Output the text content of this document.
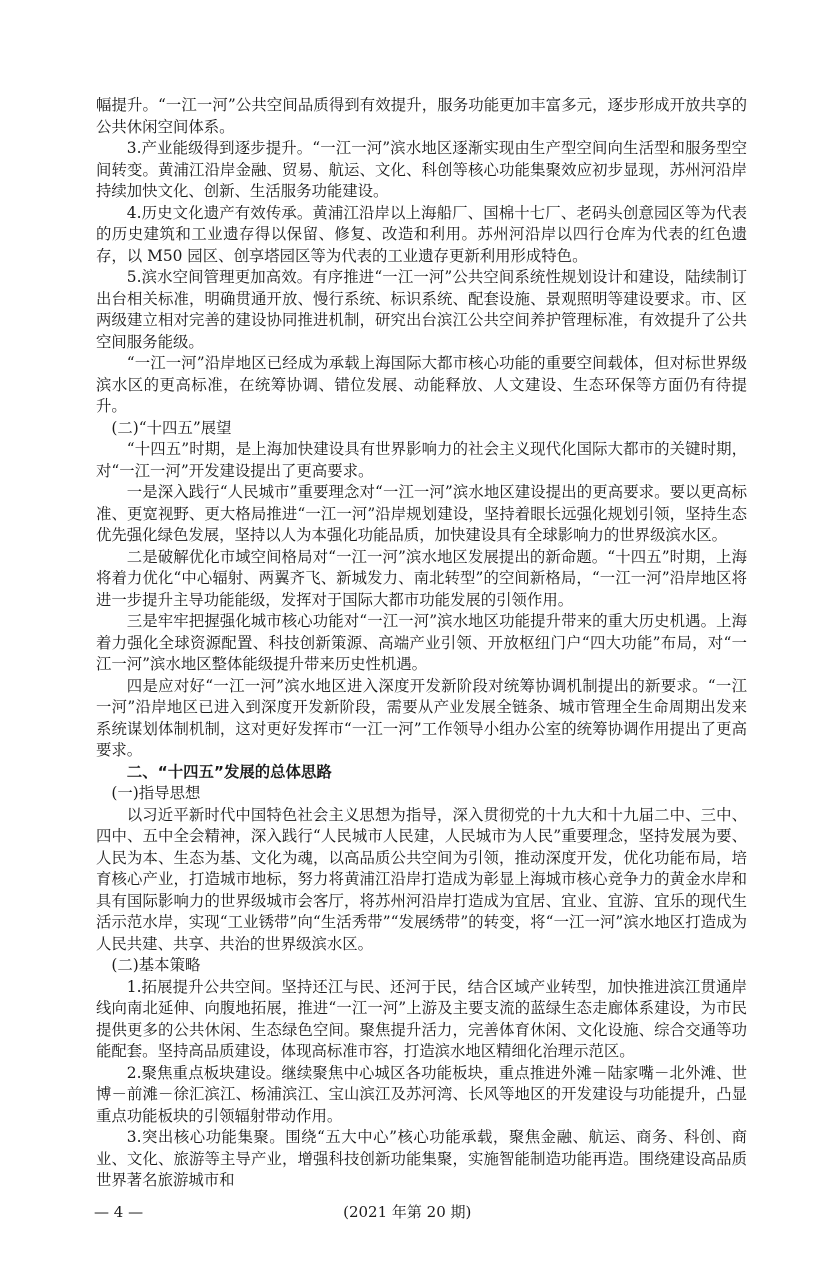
幅提升。“一江一河”公共空间品质得到有效提升，服务功能更加丰富多元，逐步形成开放共享的公共休闲空间体系。

3.产业能级得到逐步提升。“一江一河”滨水地区逐渐实现由生产型空间向生活型和服务型空间转变。黄浦江沿岸金融、贸易、航运、文化、科创等核心功能集聚效应初步显现，苏州河沿岸持续加快文化、创新、生活服务功能建设。

4.历史文化遗产有效传承。黄浦江沿岸以上海船厂、国棉十七厂、老码头创意园区等为代表的历史建筑和工业遗存得以保留、修复、改造和利用。苏州河沿岸以四行仓库为代表的红色遗存，以 M50 园区、创享塔园区等为代表的工业遗存更新利用形成特色。

5.滨水空间管理更加高效。有序推进“一江一河”公共空间系统性规划设计和建设，陆续制订出台相关标准，明确贯通开放、慢行系统、标识系统、配套设施、景观照明等建设要求。市、区两级建立相对完善的建设协同推进机制，研究出台滨江公共空间养护管理标准，有效提升了公共空间服务能级。

“一江一河”沿岸地区已经成为承载上海国际大都市核心功能的重要空间载体，但对标世界级滨水区的更高标准，在统筹协调、错位发展、动能释放、人文建设、生态环保等方面仍有待提升。

(二)“十四五”展望

“十四五”时期，是上海加快建设具有世界影响力的社会主义现代化国际大都市的关键时期，对“一江一河”开发建设提出了更高要求。

一是深入践行“人民城市”重要理念对“一江一河”滨水地区建设提出的更高要求。要以更高标准、更宽视野、更大格局推进“一江一河”沿岸规划建设，坚持着眼长远强化规划引领，坚持生态优先强化绿色发展，坚持以人为本强化功能品质，加快建设具有全球影响力的世界级滨水区。

二是破解优化市域空间格局对“一江一河”滨水地区发展提出的新命题。“十四五”时期，上海将着力优化“中心辐射、两翼齐飞、新城发力、南北转型”的空间新格局，“一江一河”沿岸地区将进一步提升主导功能能级，发挥对于国际大都市功能发展的引领作用。

三是牢牢把握强化城市核心功能对“一江一河”滨水地区功能提升带来的重大历史机遇。上海着力强化全球资源配置、科技创新策源、高端产业引领、开放枢纽门户“四大功能”布局，对“一江一河”滨水地区整体能级提升带来历史性机遇。

四是应对好“一江一河”滨水地区进入深度开发新阶段对统筹协调机制提出的新要求。“一江一河”沿岸地区已进入到深度开发新阶段，需要从产业发展全链条、城市管理全生命周期出发来系统谋划体制机制，这对更好发挥市“一江一河”工作领导小组办公室的统筹协调作用提出了更高要求。

二、“十四五”发展的总体思路

(一)指导思想

以习近平新时代中国特色社会主义思想为指导，深入贯彻党的十九大和十九届二中、三中、四中、五中全会精神，深入践行“人民城市人民建，人民城市为人民”重要理念，坚持发展为要、人民为本、生态为基、文化为魂，以高品质公共空间为引领，推动深度开发，优化功能布局，培育核心产业，打造城市地标，努力将黄浦江沿岸打造成为彰显上海城市核心竞争力的黄金水岸和具有国际影响力的世界级城市会客厅，将苏州河沿岸打造成为宜居、宜业、宜游、宜乐的现代生活示范水岸，实现“工业锈带”向“生活秀带”“发展绣带”的转变，将“一江一河”滨水地区打造成为人民共建、共享、共治的世界级滨水区。

(二)基本策略

1.拓展提升公共空间。坚持还江与民、还河于民，结合区域产业转型，加快推进滨江贯通岸线向南北延伸、向腹地拓展，推进“一江一河”上游及主要支流的蓝绿生态走廊体系建设，为市民提供更多的公共休闲、生态绿色空间。聚焦提升活力，完善体育休闲、文化设施、综合交通等功能配套。坚持高品质建设，体现高标准市容，打造滨水地区精细化治理示范区。

2.聚焦重点板块建设。继续聚焦中心城区各功能板块，重点推进外滩－陆家嘴－北外滩、世博－前滩－徐汇滨江、杨浦滨江、宝山滨江及苏河湾、长风等地区的开发建设与功能提升，凸显重点功能板块的引领辐射带动作用。

3.突出核心功能集聚。围绕“五大中心”核心功能承载，聚焦金融、航运、商务、科创、商业、文化、旅游等主导产业，增强科技创新功能集聚，实施智能制造功能再造。围绕建设高品质世界著名旅游城市和

— 4 —	(2021 年第 20 期)
